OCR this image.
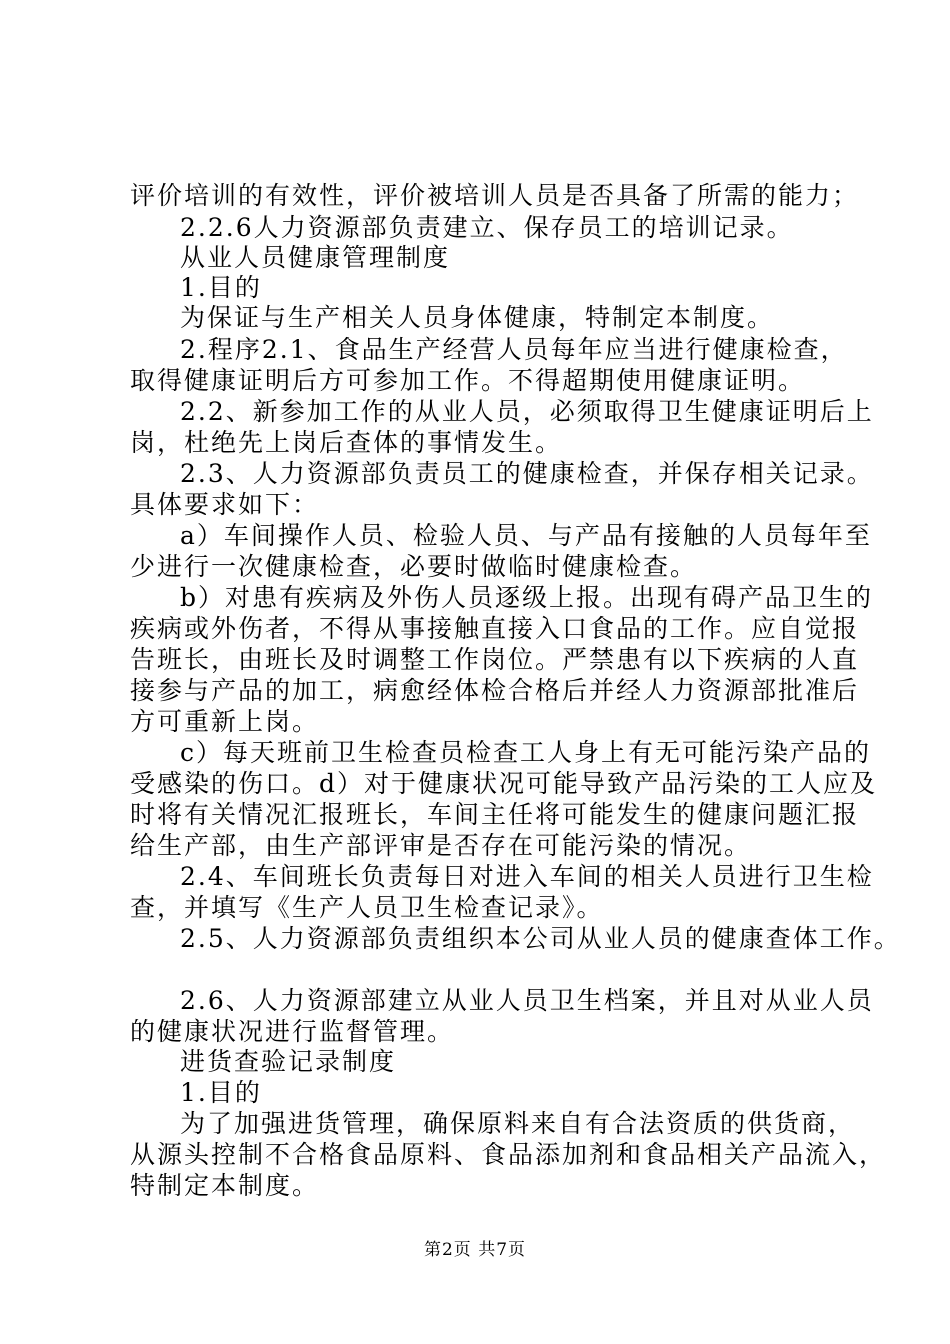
评价培训的有效性，评价被培训人员是否具备了所需的能力；
2.2.6人力资源部负责建立、保存员工的培训记录。
从业人员健康管理制度
1.目的
为保证与生产相关人员身体健康，特制定本制度。
2.程序2.1、食品生产经营人员每年应当进行健康检查，
取得健康证明后方可参加工作。不得超期使用健康证明。
2.2、新参加工作的从业人员，必须取得卫生健康证明后上
岗，杜绝先上岗后查体的事情发生。
2.3、人力资源部负责员工的健康检查，并保存相关记录。
具体要求如下：
a）车间操作人员、检验人员、与产品有接触的人员每年至
少进行一次健康检查，必要时做临时健康检查。
b）对患有疾病及外伤人员逐级上报。出现有碍产品卫生的
疾病或外伤者，不得从事接触直接入口食品的工作。应自觉报
告班长，由班长及时调整工作岗位。严禁患有以下疾病的人直
接参与产品的加工，病愈经体检合格后并经人力资源部批准后
方可重新上岗。
c）每天班前卫生检查员检查工人身上有无可能污染产品的
受感染的伤口。d）对于健康状况可能导致产品污染的工人应及
时将有关情况汇报班长，车间主任将可能发生的健康问题汇报
给生产部，由生产部评审是否存在可能污染的情况。
2.4、车间班长负责每日对进入车间的相关人员进行卫生检
查，并填写《生产人员卫生检查记录》。
2.5、人力资源部负责组织本公司从业人员的健康查体工作。
2.6、人力资源部建立从业人员卫生档案，并且对从业人员
的健康状况进行监督管理。
进货查验记录制度
1.目的
为了加强进货管理，确保原料来自有合法资质的供货商，
从源头控制不合格食品原料、食品添加剂和食品相关产品流入，
特制定本制度。
第2页 共7页
